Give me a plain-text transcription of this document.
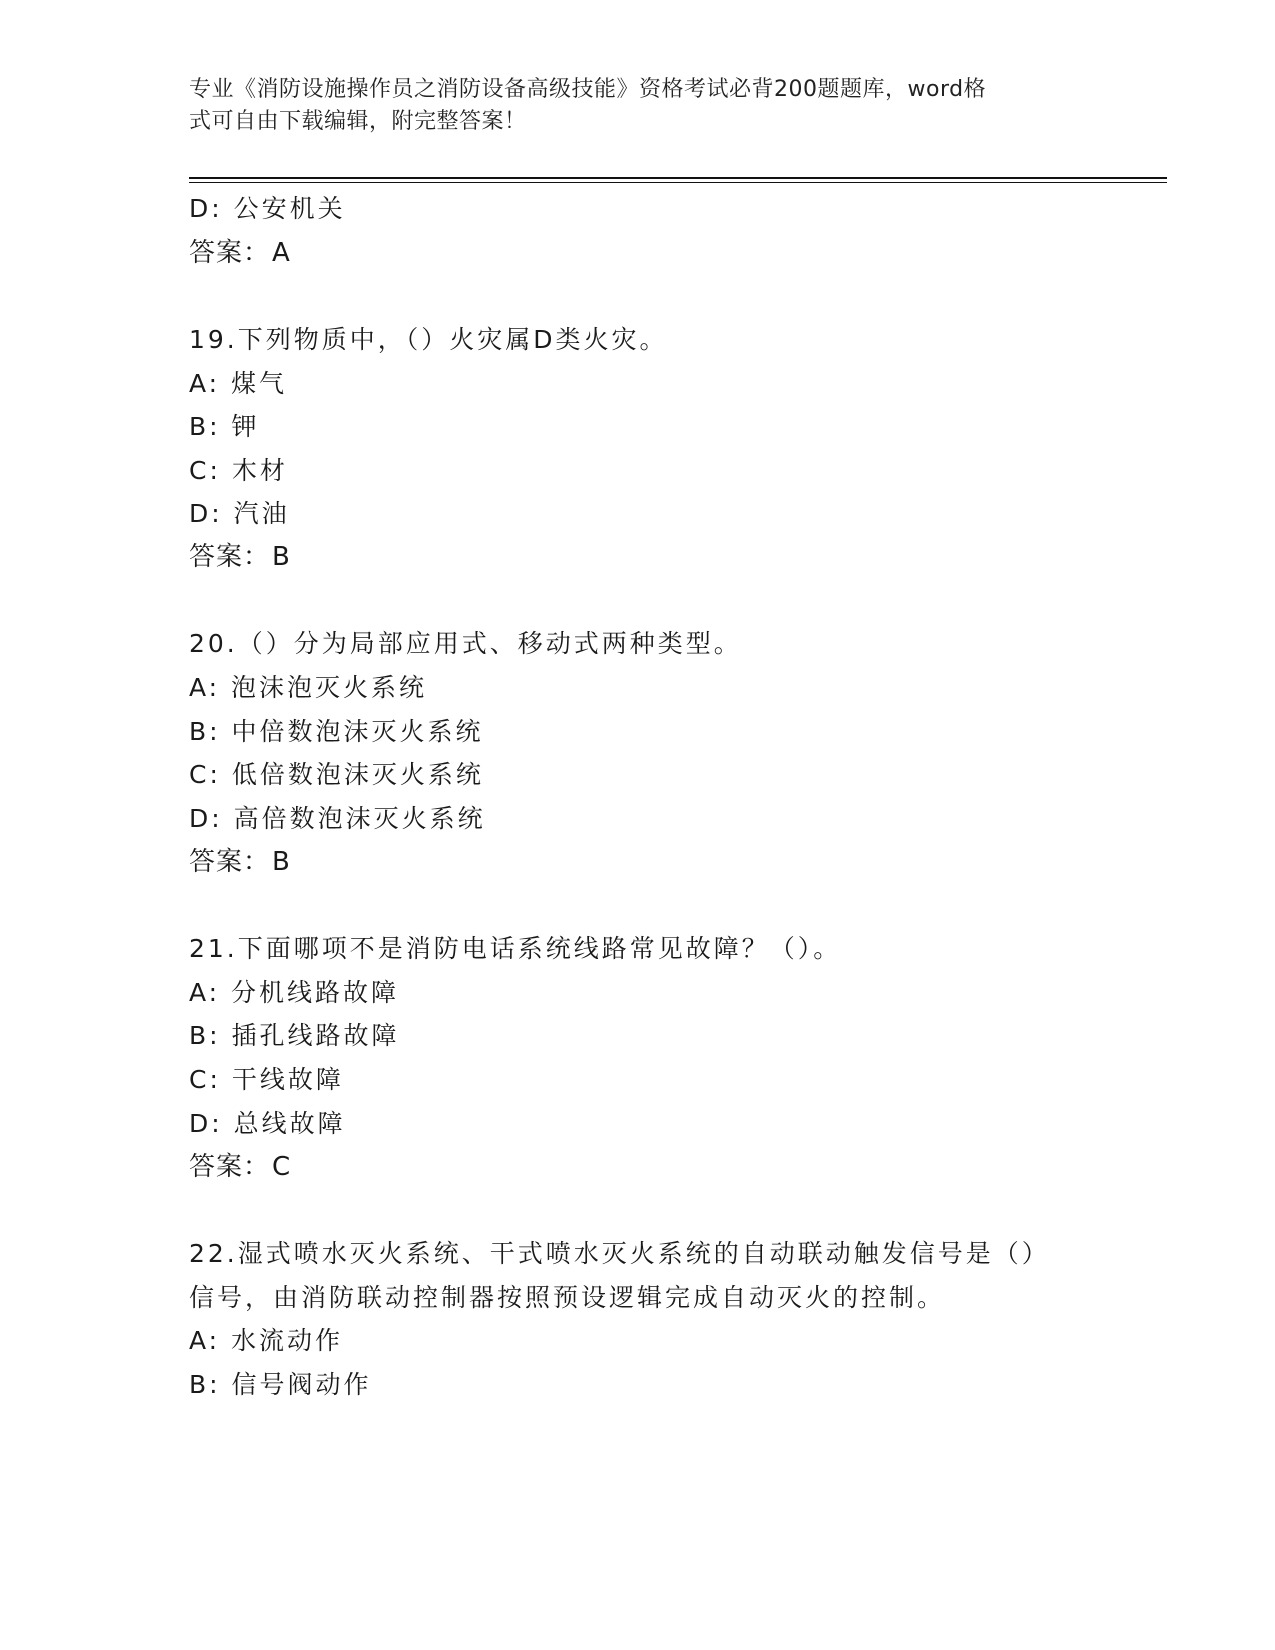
专业《消防设施操作员之消防设备高级技能》资格考试必背200题题库，word格
式可自由下载编辑，附完整答案！
D: 公安机关
答案：A
19.下列物质中，（）火灾属D类火灾。
A: 煤气
B: 钾
C: 木材
D: 汽油
答案：B
20.（）分为局部应用式、移动式两种类型。
A: 泡沫泡灭火系统
B: 中倍数泡沫灭火系统
C: 低倍数泡沫灭火系统
D: 高倍数泡沫灭火系统
答案：B
21.下面哪项不是消防电话系统线路常见故障？（）。
A: 分机线路故障
B: 插孔线路故障
C: 干线故障
D: 总线故障
答案：C
22.湿式喷水灭火系统、干式喷水灭火系统的自动联动触发信号是（）
信号，由消防联动控制器按照预设逻辑完成自动灭火的控制。
A: 水流动作
B: 信号阀动作
